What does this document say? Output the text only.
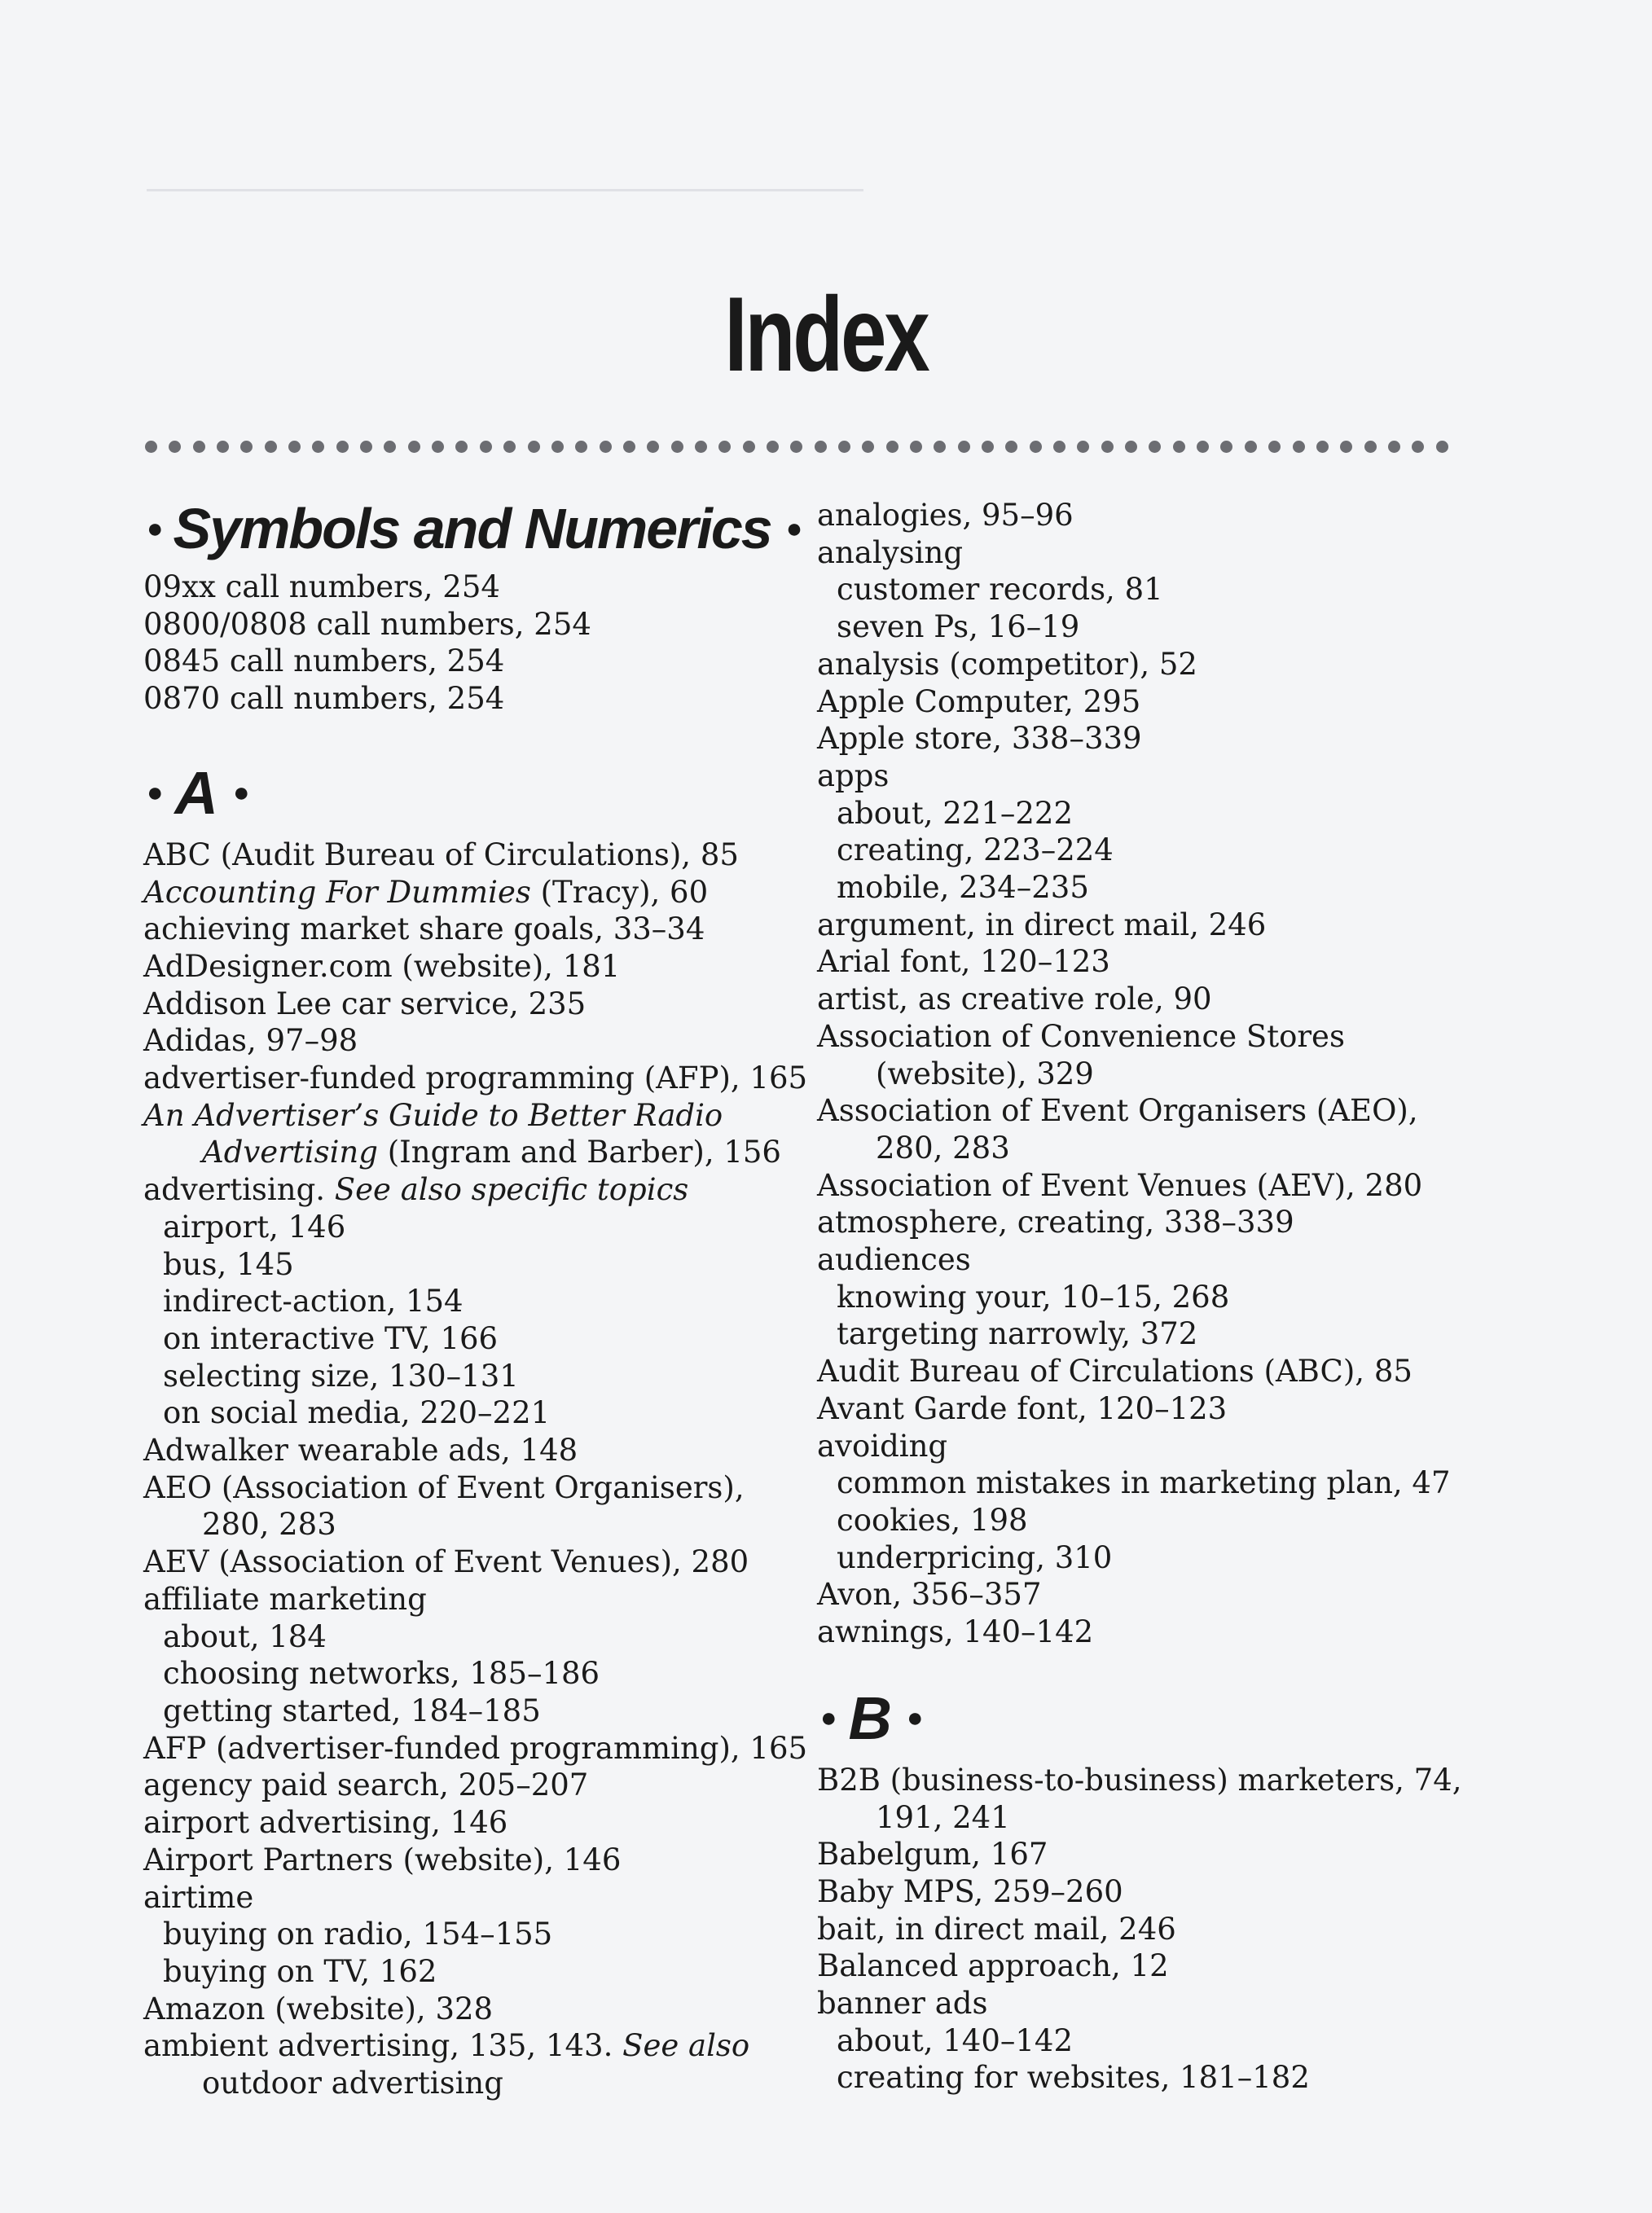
Index
● Symbols and Numerics ●
09xx call numbers, 254
0800/0808 call numbers, 254
0845 call numbers, 254
0870 call numbers, 254
● A ●
ABC (Audit Bureau of Circulations), 85
Accounting For Dummies (Tracy), 60
achieving market share goals, 33–34
AdDesigner.com (website), 181
Addison Lee car service, 235
Adidas, 97–98
advertiser-funded programming (AFP), 165
An Advertiser’s Guide to Better Radio
Advertising (Ingram and Barber), 156
advertising. See also specific topics
airport, 146
bus, 145
indirect-action, 154
on interactive TV, 166
selecting size, 130–131
on social media, 220–221
Adwalker wearable ads, 148
AEO (Association of Event Organisers),
280, 283
AEV (Association of Event Venues), 280
affiliate marketing
about, 184
choosing networks, 185–186
getting started, 184–185
AFP (advertiser-funded programming), 165
agency paid search, 205–207
airport advertising, 146
Airport Partners (website), 146
airtime
buying on radio, 154–155
buying on TV, 162
Amazon (website), 328
ambient advertising, 135, 143. See also
outdoor advertising
analogies, 95–96
analysing
customer records, 81
seven Ps, 16–19
analysis (competitor), 52
Apple Computer, 295
Apple store, 338–339
apps
about, 221–222
creating, 223–224
mobile, 234–235
argument, in direct mail, 246
Arial font, 120–123
artist, as creative role, 90
Association of Convenience Stores
(website), 329
Association of Event Organisers (AEO),
280, 283
Association of Event Venues (AEV), 280
atmosphere, creating, 338–339
audiences
knowing your, 10–15, 268
targeting narrowly, 372
Audit Bureau of Circulations (ABC), 85
Avant Garde font, 120–123
avoiding
common mistakes in marketing plan, 47
cookies, 198
underpricing, 310
Avon, 356–357
awnings, 140–142
● B ●
B2B (business-to-business) marketers, 74,
191, 241
Babelgum, 167
Baby MPS, 259–260
bait, in direct mail, 246
Balanced approach, 12
banner ads
about, 140–142
creating for websites, 181–182
